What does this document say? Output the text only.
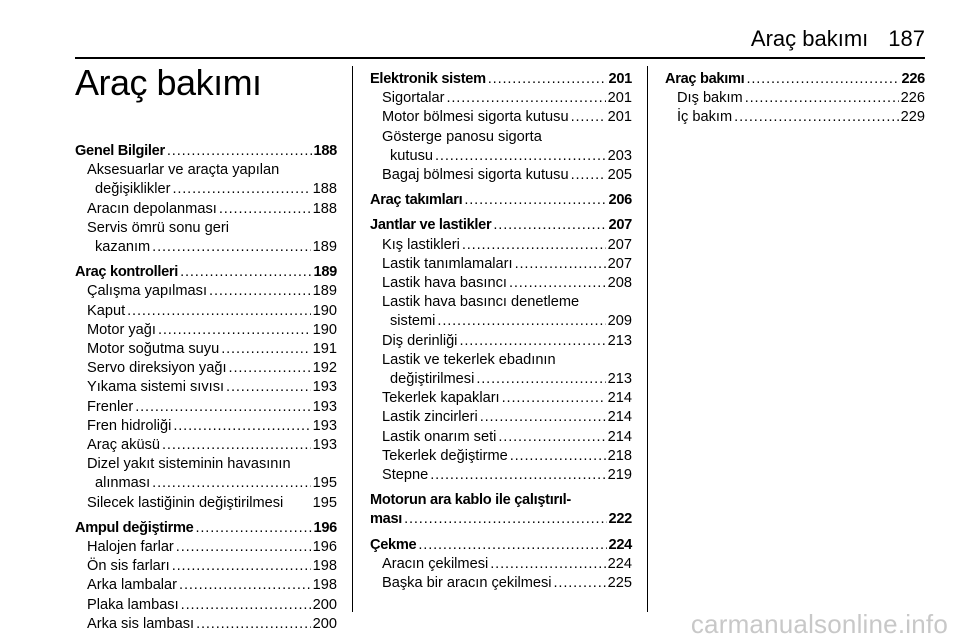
Araç bakımı 187
Araç bakımı
Genel Bilgiler . . .	188
Aksesuarlar ve araçta yapılan
değişiklikler . . .	188
Aracın depolanması . . .	188
Servis ömrü sonu geri
kazanım . . .	189
Araç kontrolleri . . .	189
Çalışma yapılması . . .	189
Kaput . . .	190
Motor yağı . . .	190
Motor soğutma suyu . . .	191
Servo direksiyon yağı . . .	192
Yıkama sistemi sıvısı . . .	193
Frenler . . .	193
Fren hidroliği . . .	193
Araç aküsü . . .	193
Dizel yakıt sisteminin havasının
alınması . . .	195
Silecek lastiğinin değiştirilmesi 195
Ampul değiştirme . . .	196
Halojen farlar . . .	196
Ön sis farları . . .	198
Arka lambalar . . .	198
Plaka lambası . . .	200
Arka sis lambası . . .	200
Elektronik sistem . . .	201
Sigortalar . . .	201
Motor bölmesi sigorta kutusu . . .	201
Gösterge panosu sigorta
kutusu . . .	203
Bagaj bölmesi sigorta kutusu . . .	205
Araç takımları . . .	206
Jantlar ve lastikler . . .	207
Kış lastikleri . . .	207
Lastik tanımlamaları . . .	207
Lastik hava basıncı . . .	208
Lastik hava basıncı denetleme
sistemi . . .	209
Diş derinliği . . .	213
Lastik ve tekerlek ebadının
değiştirilmesi . . .	213
Tekerlek kapakları . . .	214
Lastik zincirleri . . .	214
Lastik onarım seti . . .	214
Tekerlek değiştirme . . .	218
Stepne . . .	219
Motorun ara kablo ile çalıştırıl-
ması . . .	222
Çekme . . .	224
Aracın çekilmesi . . .	224
Başka bir aracın çekilmesi . . .	225
Araç bakımı . . .	226
Dış bakım . . .	226
İç bakım . . .	229
carmanualsonline.info
